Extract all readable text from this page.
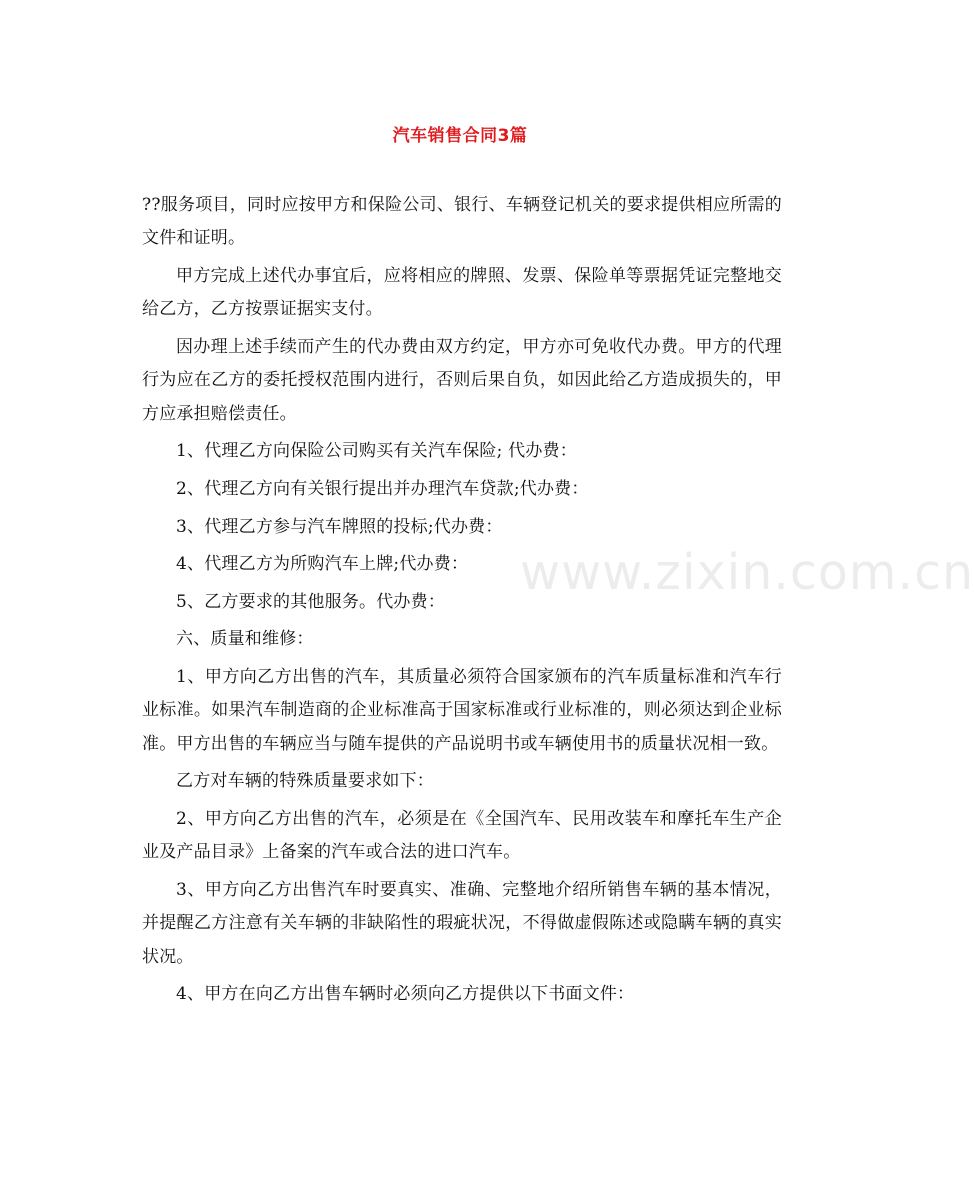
汽车销售合同3篇
www.zixin.com.cn

??服务项目，同时应按甲方和保险公司、银行、车辆登记机关的要求提供相应所需的文件和证明。

甲方完成上述代办事宜后，应将相应的牌照、发票、保险单等票据凭证完整地交给乙方，乙方按票证据实支付。

因办理上述手续而产生的代办费由双方约定，甲方亦可免收代办费。甲方的代理行为应在乙方的委托授权范围内进行，否则后果自负，如因此给乙方造成损失的，甲方应承担赔偿责任。

1、代理乙方向保险公司购买有关汽车保险; 代办费：

2、代理乙方向有关银行提出并办理汽车贷款;代办费：

3、代理乙方参与汽车牌照的投标;代办费：

4、代理乙方为所购汽车上牌;代办费：

5、乙方要求的其他服务。代办费：

六、质量和维修：

1、甲方向乙方出售的汽车，其质量必须符合国家颁布的汽车质量标准和汽车行业标准。如果汽车制造商的企业标准高于国家标准或行业标准的，则必须达到企业标准。甲方出售的车辆应当与随车提供的产品说明书或车辆使用书的质量状况相一致。

乙方对车辆的特殊质量要求如下：

2、甲方向乙方出售的汽车，必须是在《全国汽车、民用改装车和摩托车生产企业及产品目录》上备案的汽车或合法的进口汽车。

3、甲方向乙方出售汽车时要真实、准确、完整地介绍所销售车辆的基本情况，并提醒乙方注意有关车辆的非缺陷性的瑕疵状况，不得做虚假陈述或隐瞒车辆的真实状况。

4、甲方在向乙方出售车辆时必须向乙方提供以下书面文件：
